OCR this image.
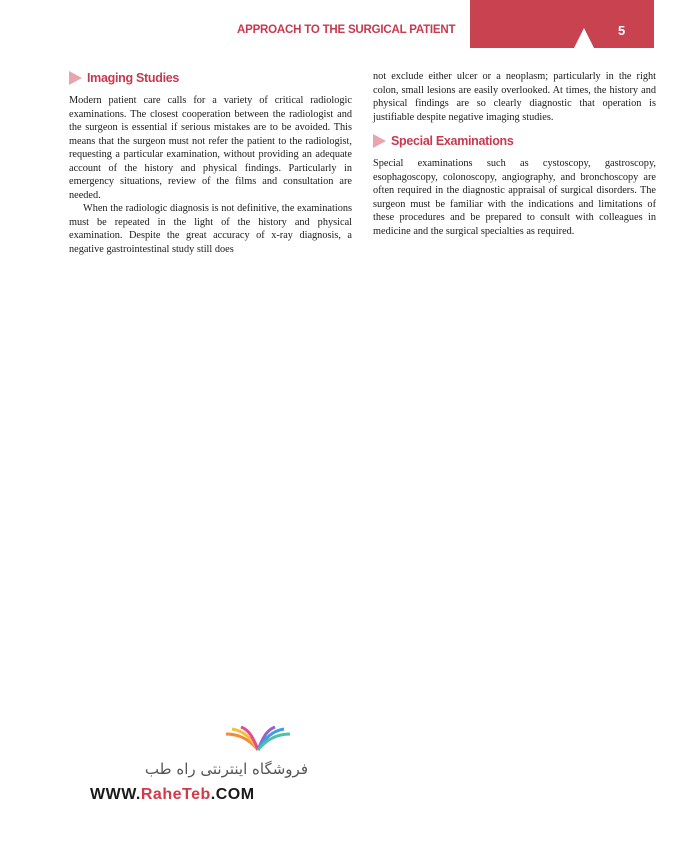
APPROACH TO THE SURGICAL PATIENT	5
Imaging Studies

Modern patient care calls for a variety of critical radiologic examinations. The closest cooperation between the radiologist and the surgeon is essential if serious mistakes are to be avoided. This means that the surgeon must not refer the patient to the radiologist, requesting a particular examination, without providing an adequate account of the history and physical findings. Particularly in emergency situations, review of the films and consultation are needed.

When the radiologic diagnosis is not definitive, the examinations must be repeated in the light of the history and physical examination. Despite the great accuracy of x-ray diagnosis, a negative gastrointestinal study still does

not exclude either ulcer or a neoplasm; particularly in the right colon, small lesions are easily overlooked. At times, the history and physical findings are so clearly diagnostic that operation is justifiable despite negative imaging studies.

Special Examinations

Special examinations such as cystoscopy, gastroscopy, esophagoscopy, colonoscopy, angiography, and bronchoscopy are often required in the diagnostic appraisal of surgical disorders. The surgeon must be familiar with the indications and limitations of these procedures and be prepared to consult with colleagues in medicine and the surgical specialties as required.

فروشگاه اینترنتی راه طب
WWW.RaheTeb.COM
